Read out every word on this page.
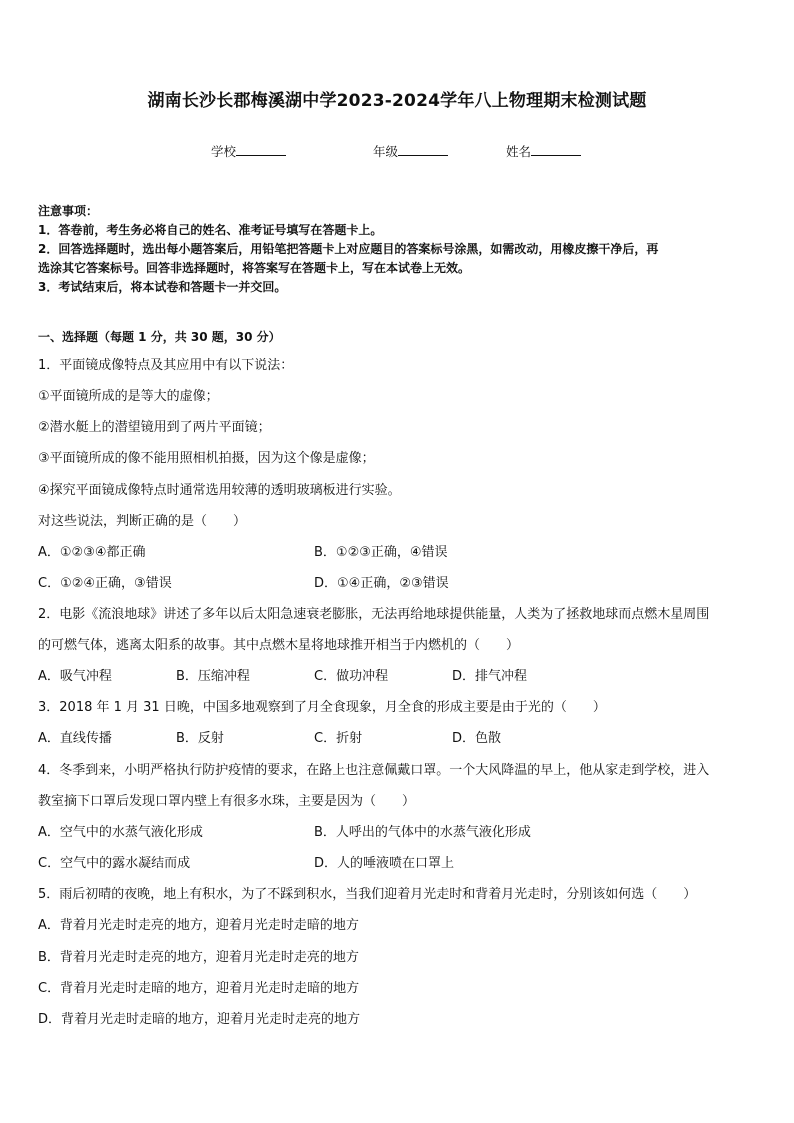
湖南长沙长郡梅溪湖中学2023-2024学年八上物理期末检测试题
学校	年级	姓名
注意事项：
1．答卷前，考生务必将自己的姓名、准考证号填写在答题卡上。
2．回答选择题时，选出每小题答案后，用铅笔把答题卡上对应题目的答案标号涂黑，如需改动，用橡皮擦干净后，再
选涂其它答案标号。回答非选择题时，将答案写在答题卡上，写在本试卷上无效。
3．考试结束后，将本试卷和答题卡一并交回。
一、选择题（每题 1 分，共 30 题，30 分）
1．平面镜成像特点及其应用中有以下说法：
①平面镜所成的是等大的虚像；
②潜水艇上的潜望镜用到了两片平面镜；
③平面镜所成的像不能用照相机拍摄，因为这个像是虚像；
④探究平面镜成像特点时通常选用较薄的透明玻璃板进行实验。
对这些说法，判断正确的是（　　）
A．①②③④都正确	B．①②③正确，④错误
C．①②④正确，③错误	D．①④正确，②③错误
2．电影《流浪地球》讲述了多年以后太阳急速衰老膨胀，无法再给地球提供能量，人类为了拯救地球而点燃木星周围
的可燃气体，逃离太阳系的故事。其中点燃木星将地球推开相当于内燃机的（　　）
A．吸气冲程	B．压缩冲程	C．做功冲程	D．排气冲程
3．2018 年 1 月 31 日晚，中国多地观察到了月全食现象，月全食的形成主要是由于光的（　　）
A．直线传播	B．反射	C．折射	D．色散
4．冬季到来，小明严格执行防护疫情的要求，在路上也注意佩戴口罩。一个大风降温的早上，他从家走到学校，进入
教室摘下口罩后发现口罩内壁上有很多水珠，主要是因为（　　）
A．空气中的水蒸气液化形成	B．人呼出的气体中的水蒸气液化形成
C．空气中的露水凝结而成	D．人的唾液喷在口罩上
5．雨后初晴的夜晚，地上有积水，为了不踩到积水，当我们迎着月光走时和背着月光走时，分别该如何选（　　）
A．背着月光走时走亮的地方，迎着月光走时走暗的地方
B．背着月光走时走亮的地方，迎着月光走时走亮的地方
C．背着月光走时走暗的地方，迎着月光走时走暗的地方
D．背着月光走时走暗的地方，迎着月光走时走亮的地方
